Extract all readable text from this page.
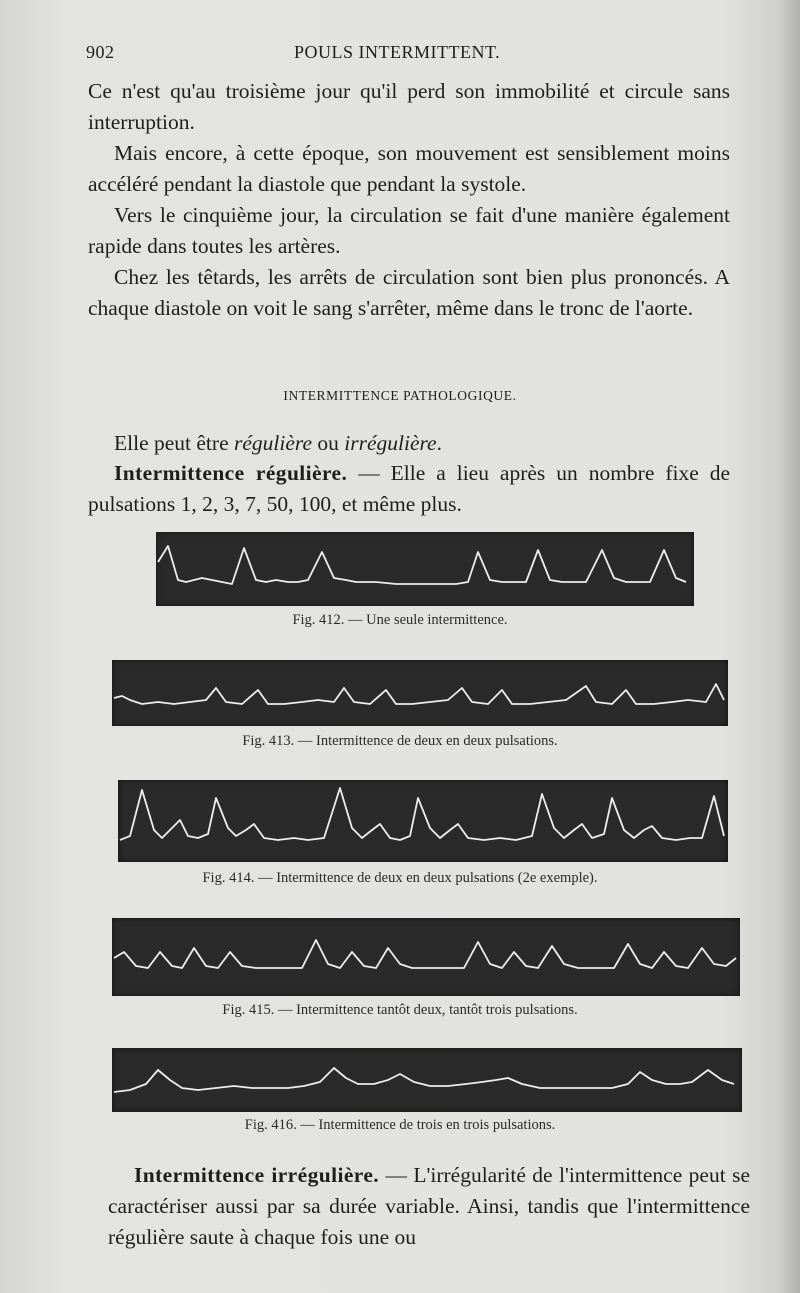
902	POULS INTERMITTENT.

Ce n'est qu'au troisième jour qu'il perd son immobilité et circule sans interruption.

Mais encore, à cette époque, son mouvement est sensiblement moins accéléré pendant la diastole que pendant la systole.

Vers le cinquième jour, la circulation se fait d'une manière également rapide dans toutes les artères.

Chez les têtards, les arrêts de circulation sont bien plus prononcés. A chaque diastole on voit le sang s'arrêter, même dans le tronc de l'aorte.

INTERMITTENCE PATHOLOGIQUE.

Elle peut être régulière ou irrégulière.

Intermittence régulière. — Elle a lieu après un nombre fixe de pulsations 1, 2, 3, 7, 50, 100, et même plus.

Fig. 412. — Une seule intermittence.
Fig. 413. — Intermittence de deux en deux pulsations.
Fig. 414. — Intermittence de deux en deux pulsations (2e exemple).
Fig. 415. — Intermittence tantôt deux, tantôt trois pulsations.
Fig. 416. — Intermittence de trois en trois pulsations.

Intermittence irrégulière. — L'irrégularité de l'intermittence peut se caractériser aussi par sa durée variable. Ainsi, tandis que l'intermittence régulière saute à chaque fois une ou
